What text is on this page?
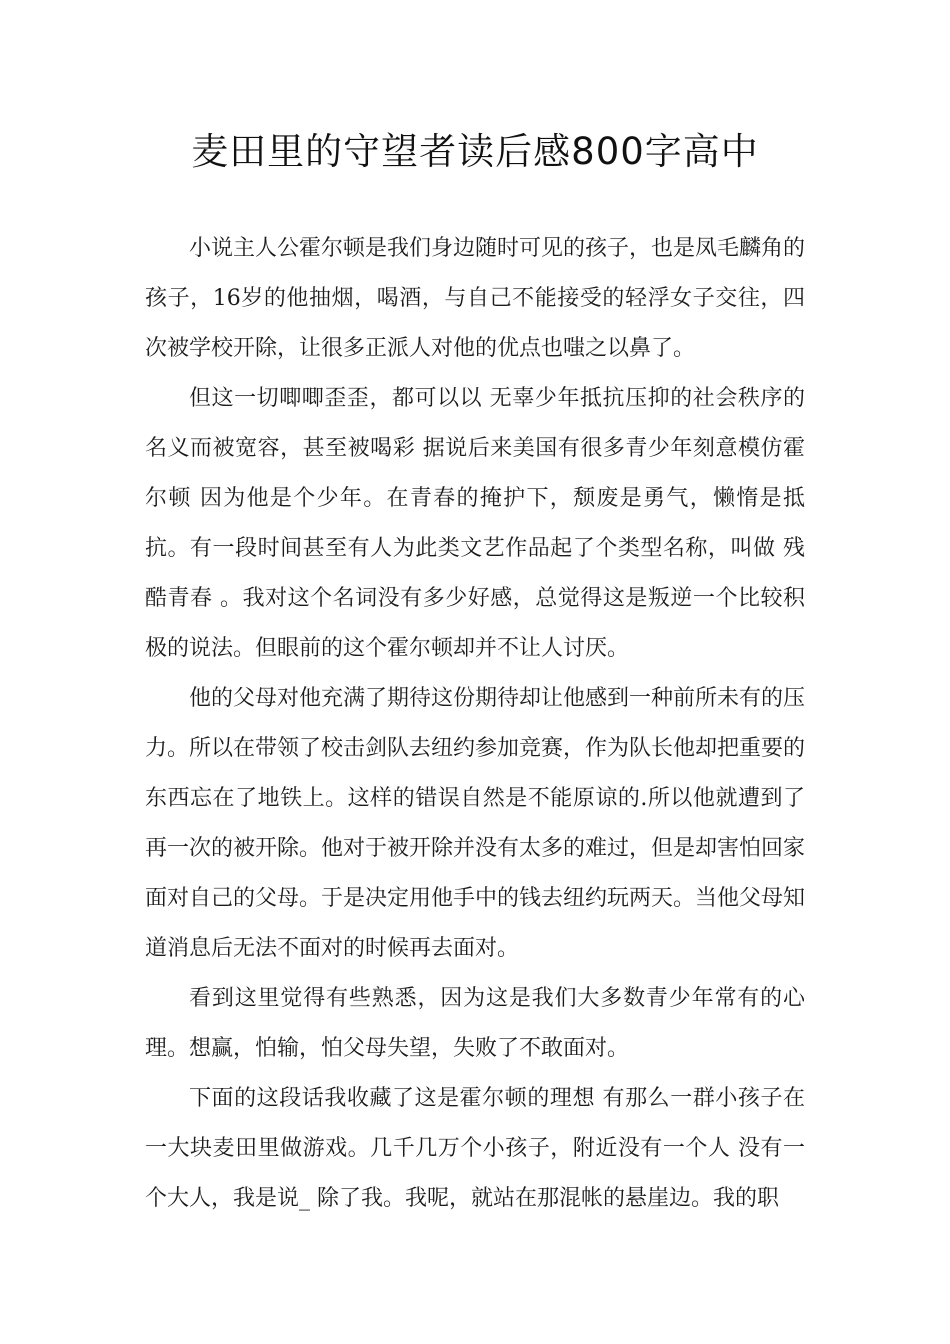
麦田里的守望者读后感800字高中

小说主人公霍尔顿是我们身边随时可见的孩子，也是凤毛麟角的孩子，16岁的他抽烟，喝酒，与自己不能接受的轻浮女子交往，四次被学校开除，让很多正派人对他的优点也嗤之以鼻了。

但这一切唧唧歪歪，都可以以 无辜少年抵抗压抑的社会秩序的名义而被宽容，甚至被喝彩 据说后来美国有很多青少年刻意模仿霍尔顿 因为他是个少年。在青春的掩护下，颓废是勇气，懒惰是抵抗。有一段时间甚至有人为此类文艺作品起了个类型名称，叫做 残酷青春 。我对这个名词没有多少好感，总觉得这是叛逆一个比较积极的说法。但眼前的这个霍尔顿却并不让人讨厌。

他的父母对他充满了期待这份期待却让他感到一种前所未有的压力。所以在带领了校击剑队去纽约参加竞赛，作为队长他却把重要的东西忘在了地铁上。这样的错误自然是不能原谅的.所以他就遭到了再一次的被开除。他对于被开除并没有太多的难过，但是却害怕回家面对自己的父母。于是决定用他手中的钱去纽约玩两天。当他父母知道消息后无法不面对的时候再去面对。

看到这里觉得有些熟悉，因为这是我们大多数青少年常有的心理。想赢，怕输，怕父母失望，失败了不敢面对。

下面的这段话我收藏了这是霍尔顿的理想 有那么一群小孩子在一大块麦田里做游戏。几千几万个小孩子，附近没有一个人 没有一个大人，我是说_ 除了我。我呢，就站在那混帐的悬崖边。我的职
